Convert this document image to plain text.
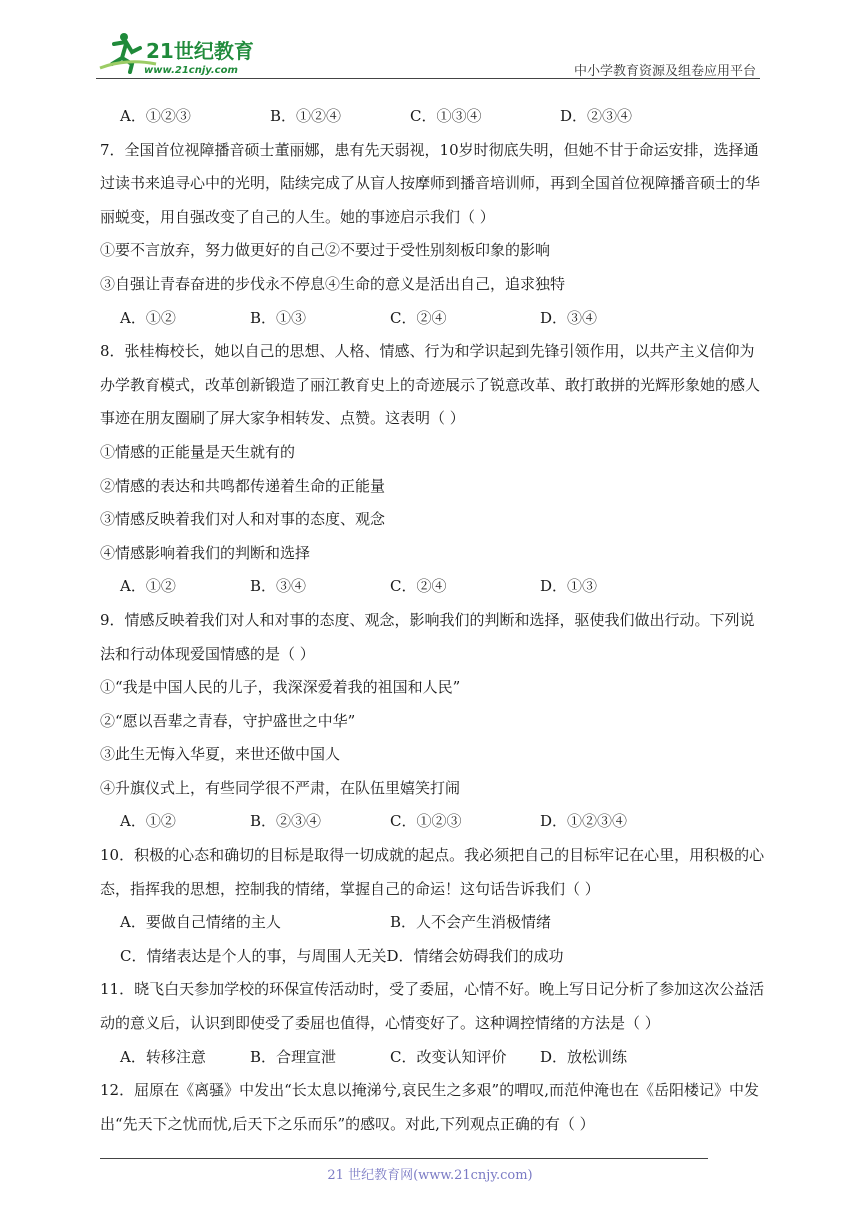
21世纪教育
www.21cnjy.com	中小学教育资源及组卷应用平台
A．①②③	B．①②④	C．①③④	D．②③④
7．全国首位视障播音硕士董丽娜，患有先天弱视，10岁时彻底失明，但她不甘于命运安排，选择通
过读书来追寻心中的光明，陆续完成了从盲人按摩师到播音培训师，再到全国首位视障播音硕士的华
丽蜕变，用自强改变了自己的人生。她的事迹启示我们（ ）
①要不言放弃，努力做更好的自己②不要过于受性别刻板印象的影响
③自强让青春奋进的步伐永不停息④生命的意义是活出自己，追求独特
A．①②	B．①③	C．②④	D．③④
8．张桂梅校长，她以自己的思想、人格、情感、行为和学识起到先锋引领作用，以共产主义信仰为
办学教育模式，改革创新锻造了丽江教育史上的奇迹展示了锐意改革、敢打敢拼的光辉形象她的感人
事迹在朋友圈刷了屏大家争相转发、点赞。这表明（ ）
①情感的正能量是天生就有的
②情感的表达和共鸣都传递着生命的正能量
③情感反映着我们对人和对事的态度、观念
④情感影响着我们的判断和选择
A．①②	B．③④	C．②④	D．①③
9．情感反映着我们对人和对事的态度、观念，影响我们的判断和选择，驱使我们做出行动。下列说
法和行动体现爱国情感的是（ ）
①“我是中国人民的儿子，我深深爱着我的祖国和人民”
②“愿以吾辈之青春，守护盛世之中华”
③此生无悔入华夏，来世还做中国人
④升旗仪式上，有些同学很不严肃，在队伍里嬉笑打闹
A．①②	B．②③④	C．①②③	D．①②③④
10．积极的心态和确切的目标是取得一切成就的起点。我必须把自己的目标牢记在心里，用积极的心
态，指挥我的思想，控制我的情绪，掌握自己的命运！这句话告诉我们（ ）
A．要做自己情绪的主人	B．人不会产生消极情绪
C．情绪表达是个人的事，与周围人无关D．情绪会妨碍我们的成功
11．晓飞白天参加学校的环保宣传活动时，受了委屈，心情不好。晚上写日记分析了参加这次公益活
动的意义后，认识到即使受了委屈也值得，心情变好了。这种调控情绪的方法是（ ）
A．转移注意	B．合理宣泄	C．改变认知评价 D．放松训练
12．屈原在《离骚》中发出“长太息以掩涕兮,哀民生之多艰”的喟叹,而范仲淹也在《岳阳楼记》中发
出“先天下之忧而忧,后天下之乐而乐”的感叹。对此,下列观点正确的有（ ）
21 世纪教育网(www.21cnjy.com)
